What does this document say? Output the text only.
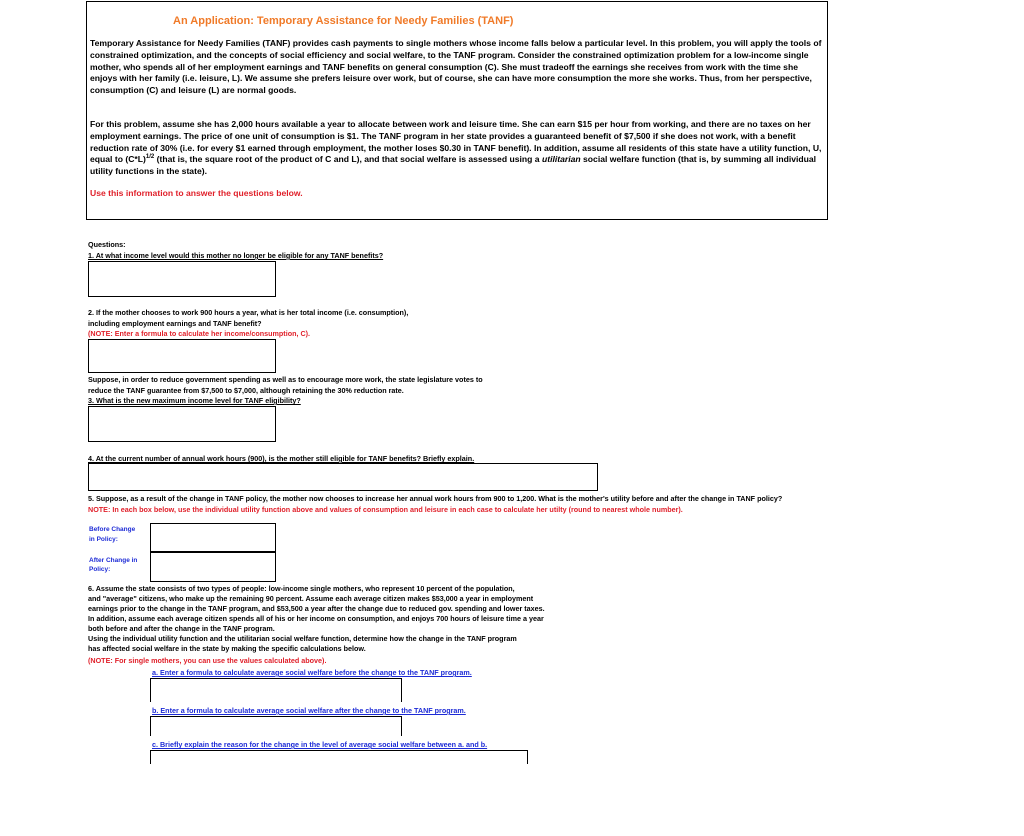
An Application: Temporary Assistance for Needy Families (TANF)
Temporary Assistance for Needy Families (TANF) provides cash payments to single mothers whose income falls below a particular level. In this problem, you will apply the tools of constrained optimization, and the concepts of social efficiency and social welfare, to the TANF program. Consider the constrained optimization problem for a low-income single mother, who spends all of her employment earnings and TANF benefits on general consumption (C). She must tradeoff the earnings she receives from work with the time she enjoys with her family (i.e. leisure, L). We assume she prefers leisure over work, but of course, she can have more consumption the more she works. Thus, from her perspective, consumption (C) and leisure (L) are normal goods.
For this problem, assume she has 2,000 hours available a year to allocate between work and leisure time. She can earn $15 per hour from working, and there are no taxes on her employment earnings. The price of one unit of consumption is $1. The TANF program in her state provides a guaranteed benefit of $7,500 if she does not work, with a benefit reduction rate of 30% (i.e. for every $1 earned through employment, the mother loses $0.30 in TANF benefit). In addition, assume all residents of this state have a utility function, U, equal to $(C*L)^{1/2}$ (that is, the square root of the product of C and L), and that social welfare is assessed using a utilitarian social welfare function (that is, by summing all individual utility functions in the state).
Use this information to answer the questions below.
Questions:
1. At what income level would this mother no longer be eligible for any TANF benefits?
2. If the mother chooses to work 900 hours a year, what is her total income (i.e. consumption),
including employment earnings and TANF benefit?
(NOTE: Enter a formula to calculate her income/consumption, C).
Suppose, in order to reduce government spending as well as to encourage more work, the state legislature votes to
reduce the TANF guarantee from $7,500 to $7,000, although retaining the 30% reduction rate.
3. What is the new maximum income level for TANF eligibility?
4. At the current number of annual work hours (900), is the mother still eligible for TANF benefits? Briefly explain.
5. Suppose, as a result of the change in TANF policy, the mother now chooses to increase her annual work hours from 900 to 1,200. What is the mother's utility before and after the change in TANF policy?
NOTE: In each box below, use the individual utility function above and values of consumption and leisure in each case to calculate her utilty (round to nearest whole number).
Before Change
in Policy:
After Change in
Policy:
6. Assume the state consists of two types of people: low-income single mothers, who represent 10 percent of the population,
and "average" citizens, who make up the remaining 90 percent. Assume each average citizen makes $53,000 a year in employment
earnings prior to the change in the TANF program, and $53,500 a year after the change due to reduced gov. spending and lower taxes.
In addition, assume each average citizen spends all of his or her income on consumption, and enjoys 700 hours of leisure time a year
both before and after the change in the TANF program.
Using the individual utility function and the utilitarian social welfare function, determine how the change in the TANF program
has affected social welfare in the state by making the specific calculations below.
(NOTE: For single mothers, you can use the values calculated above).
a. Enter a formula to calculate average social welfare before the change to the TANF program.
b. Enter a formula to calculate average social welfare after the change to the TANF program.
c. Briefly explain the reason for the change in the level of average social welfare between a. and b.
